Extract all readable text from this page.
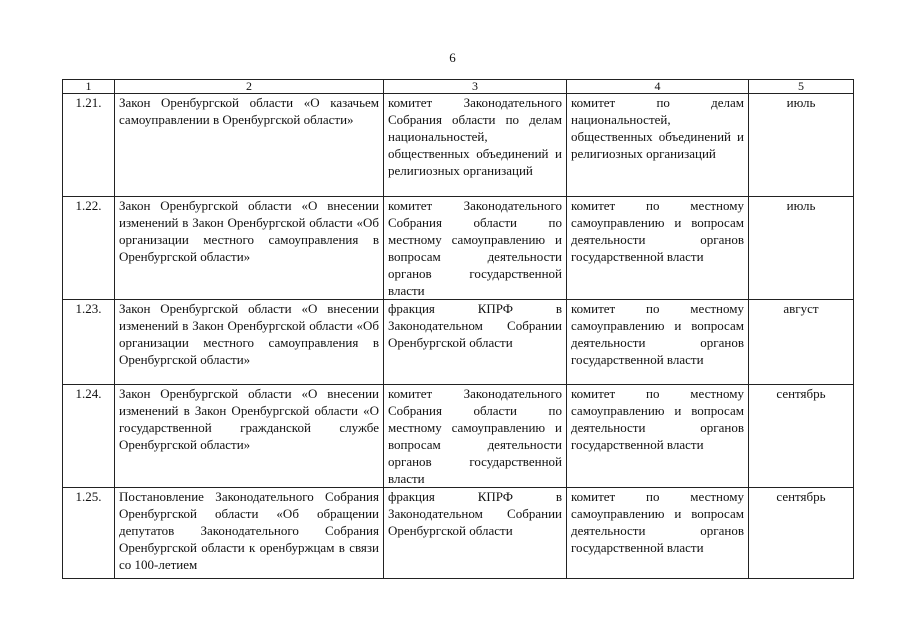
6
1	2	3	4	5
1.21.	Закон Оренбургской области «О казачьем самоуправлении в Оренбургской области»	комитет Законодательного Собрания области по делам национальностей, общественных объединений и религиозных организаций	комитет по делам национальностей, общественных объединений и религиозных организаций	июль
1.22.	Закон Оренбургской области «О внесении изменений в Закон Оренбургской области «Об организации местного самоуправления в Оренбургской области»	комитет Законодательного Собрания области по местному самоуправлению и вопросам деятельности органов государственной власти	комитет по местному самоуправлению и вопросам деятельности органов государственной власти	июль
1.23.	Закон Оренбургской области «О внесении изменений в Закон Оренбургской области «Об организации местного самоуправления в Оренбургской области»	фракция КПРФ в Законодательном Собрании Оренбургской области	комитет по местному самоуправлению и вопросам деятельности органов государственной власти	август
1.24.	Закон Оренбургской области «О внесении изменений в Закон Оренбургской области «О государственной гражданской службе Оренбургской области»	комитет Законодательного Собрания области по местному самоуправлению и вопросам деятельности органов государственной власти	комитет по местному самоуправлению и вопросам деятельности органов государственной власти	сентябрь
1.25.	Постановление Законодательного Собрания Оренбургской области «Об обращении депутатов Законодательного Собрания Оренбургской области к оренбуржцам в связи со 100-летием	фракция КПРФ в Законодательном Собрании Оренбургской области	комитет по местному самоуправлению и вопросам деятельности органов государственной власти	сентябрь
